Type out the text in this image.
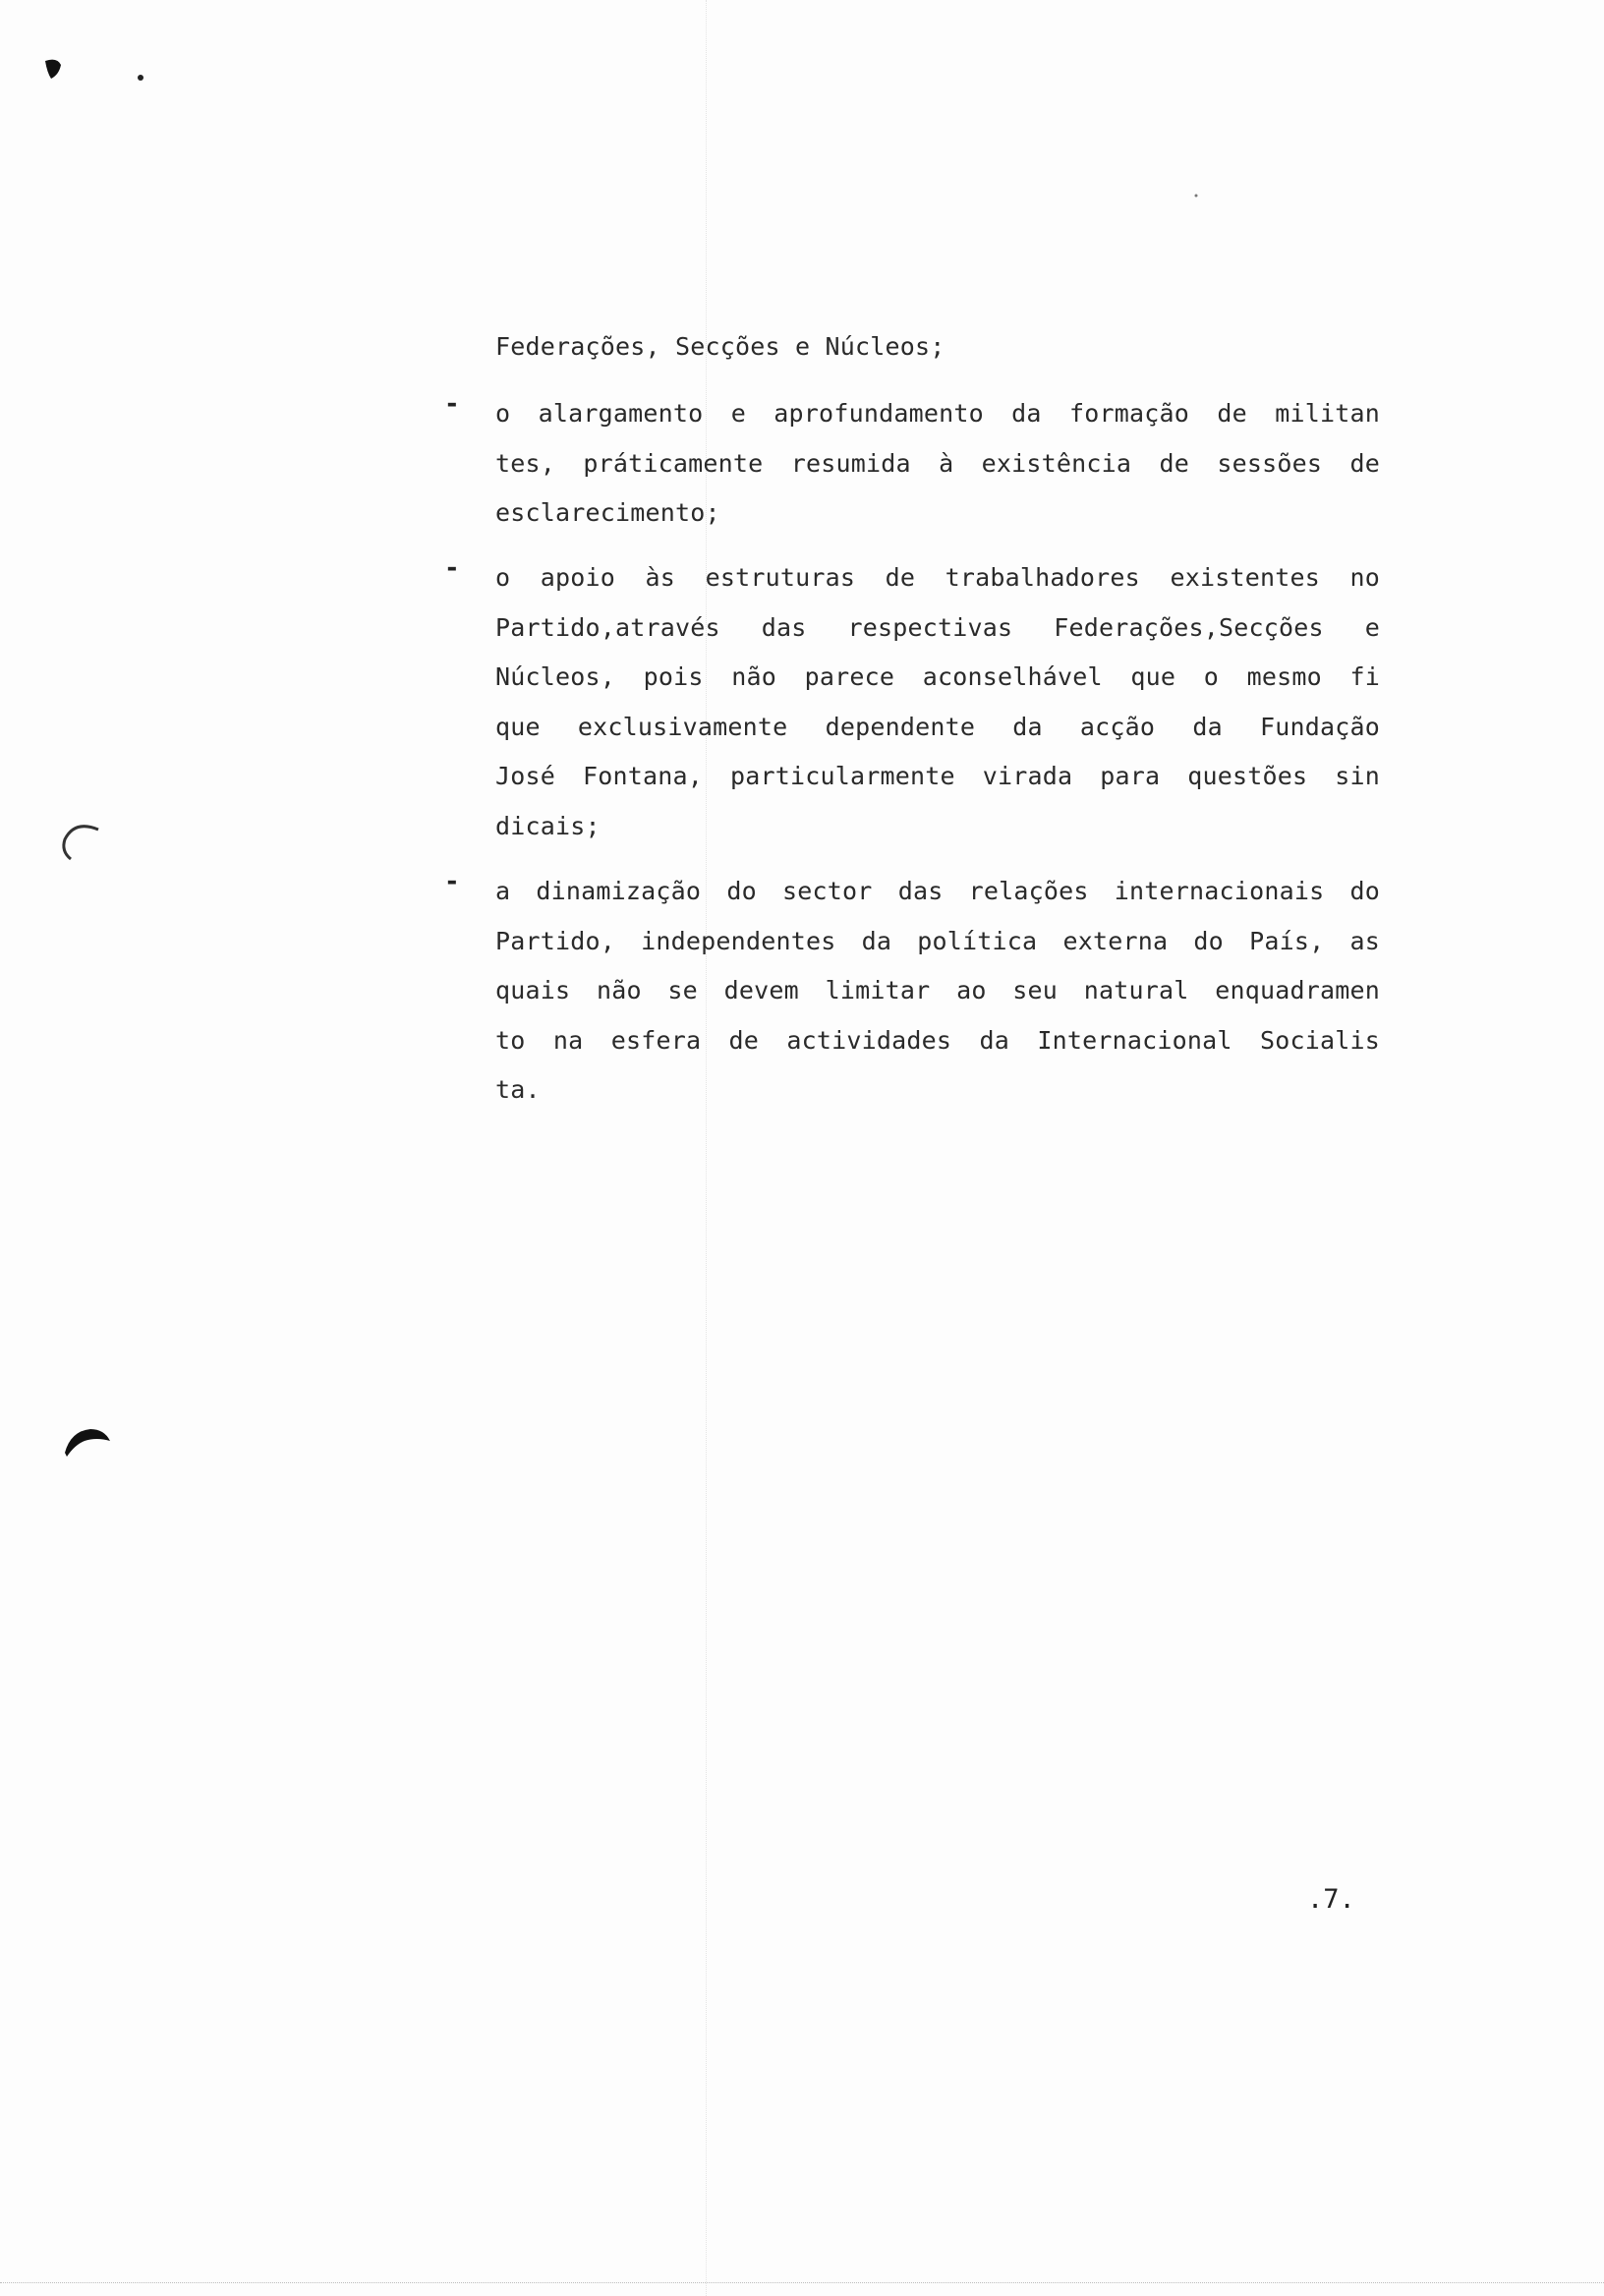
Federações, Secções e Núcleos;
- o alargamento e aprofundamento da formação de militan
tes, práticamente resumida à existência de sessões de
esclarecimento;
- o apoio às estruturas de trabalhadores existentes no
Partido,através das respectivas Federações,Secções e
Núcleos, pois não parece aconselhável que o mesmo fi
que exclusivamente dependente da acção da Fundação
José Fontana, particularmente virada para questões sin
dicais;
- a dinamização do sector das relações internacionais do
Partido, independentes da política externa do País, as
quais não se devem limitar ao seu natural enquadramen
to na esfera de actividades da Internacional Socialis
ta.
.7.
